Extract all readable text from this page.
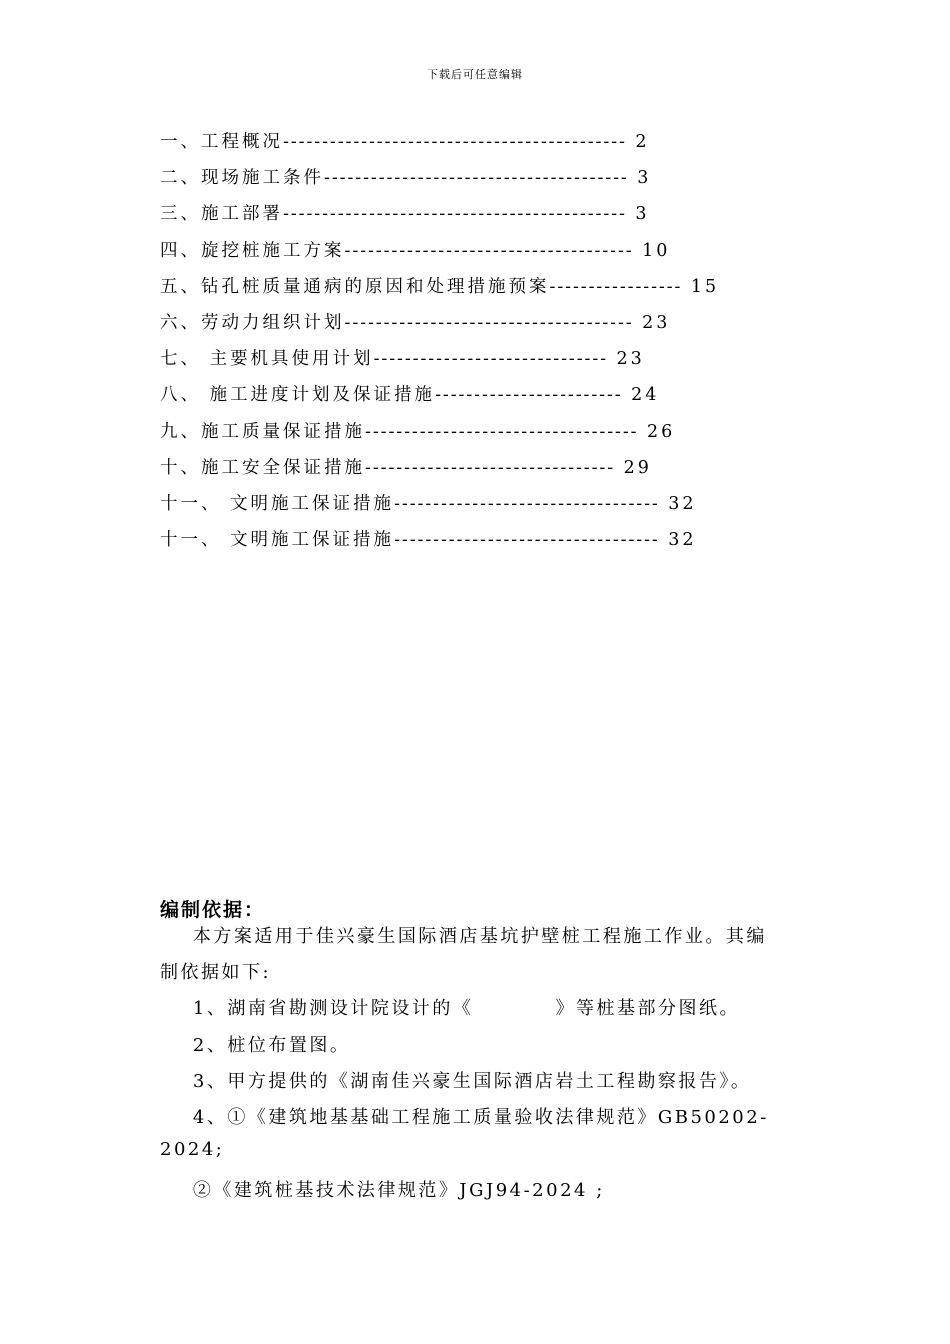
下载后可任意编辑
一、工程概况 -------------------------------------------- 2
二、现场施工条件 --------------------------------------- 3
三、施工部署 -------------------------------------------- 3
四、旋挖桩施工方案 ------------------------------------- 10
五、钻孔桩质量通病的原因和处理措施预案 ----------------- 15
六、劳动力组织计划 ------------------------------------- 23
七、 主要机具使用计划 ------------------------------ 23
八、 施工进度计划及保证措施 ------------------------ 24
九、施工质量保证措施 ----------------------------------- 26
十、施工安全保证措施 -------------------------------- 29
十一、 文明施工保证措施 ---------------------------------- 32
十一、 文明施工保证措施 ---------------------------------- 32
编制依据：
本方案适用于佳兴豪生国际酒店基坑护壁桩工程施工作业。其编
制依据如下:
1、湖南省勘测设计院设计的《          》等桩基部分图纸。
2、桩位布置图。
3、甲方提供的《湖南佳兴豪生国际酒店岩土工程勘察报告》。
4、①《建筑地基基础工程施工质量验收法律规范》GB50202-
2024;
②《建筑桩基技术法律规范》JGJ94-2024 ;
